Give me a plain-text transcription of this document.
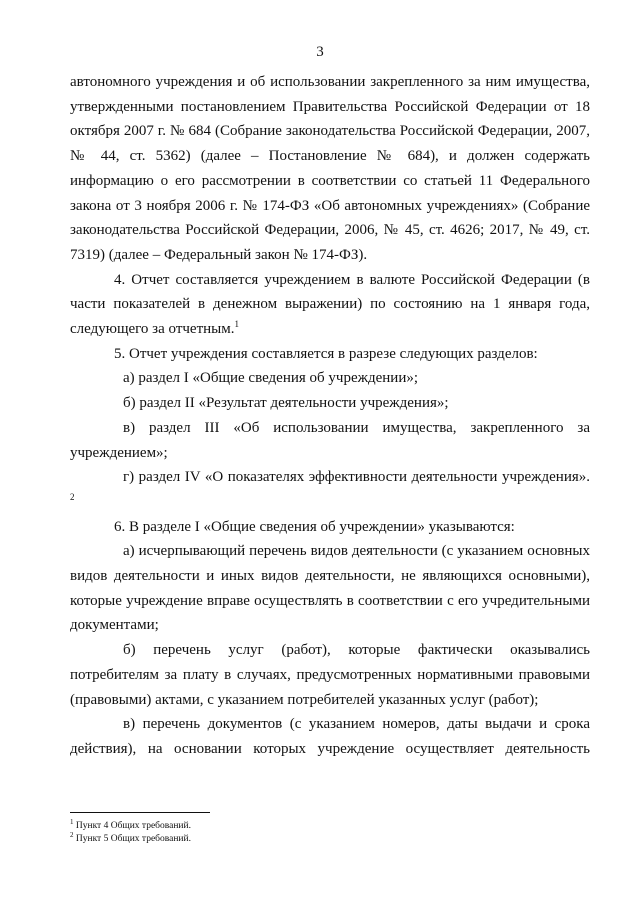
3

автономного учреждения и об использовании закрепленного за ним имущества, утвержденными постановлением Правительства Российской Федерации от 18 октября 2007 г. № 684 (Собрание законодательства Российской Федерации, 2007, № 44, ст. 5362) (далее – Постановление № 684), и должен содержать информацию о его рассмотрении в соответствии со статьей 11 Федерального закона от 3 ноября 2006 г. № 174-ФЗ «Об автономных учреждениях» (Собрание законодательства Российской Федерации, 2006, № 45, ст. 4626; 2017, № 49, ст. 7319) (далее – Федеральный закон № 174-ФЗ).

4. Отчет составляется учреждением в валюте Российской Федерации (в части показателей в денежном выражении) по состоянию на 1 января года, следующего за отчетным.$^1$

5. Отчет учреждения составляется в разрезе следующих разделов:

а) раздел I «Общие сведения об учреждении»;

б) раздел II «Результат деятельности учреждения»;

в) раздел III «Об использовании имущества, закрепленного за учреждением»;

г) раздел IV «О показателях эффективности деятельности учреждения». $^2$

6. В разделе I «Общие сведения об учреждении» указываются:

а) исчерпывающий перечень видов деятельности (с указанием основных видов деятельности и иных видов деятельности, не являющихся основными), которые учреждение вправе осуществлять в соответствии с его учредительными документами;

б) перечень услуг (работ), которые фактически оказывались потребителям за плату в случаях, предусмотренных нормативными правовыми (правовыми) актами, с указанием потребителей указанных услуг (работ);

в) перечень документов (с указанием номеров, даты выдачи и срока действия), на основании которых учреждение осуществляет деятельность

$^1$ Пункт 4 Общих требований.

$^2$ Пункт 5 Общих требований.
